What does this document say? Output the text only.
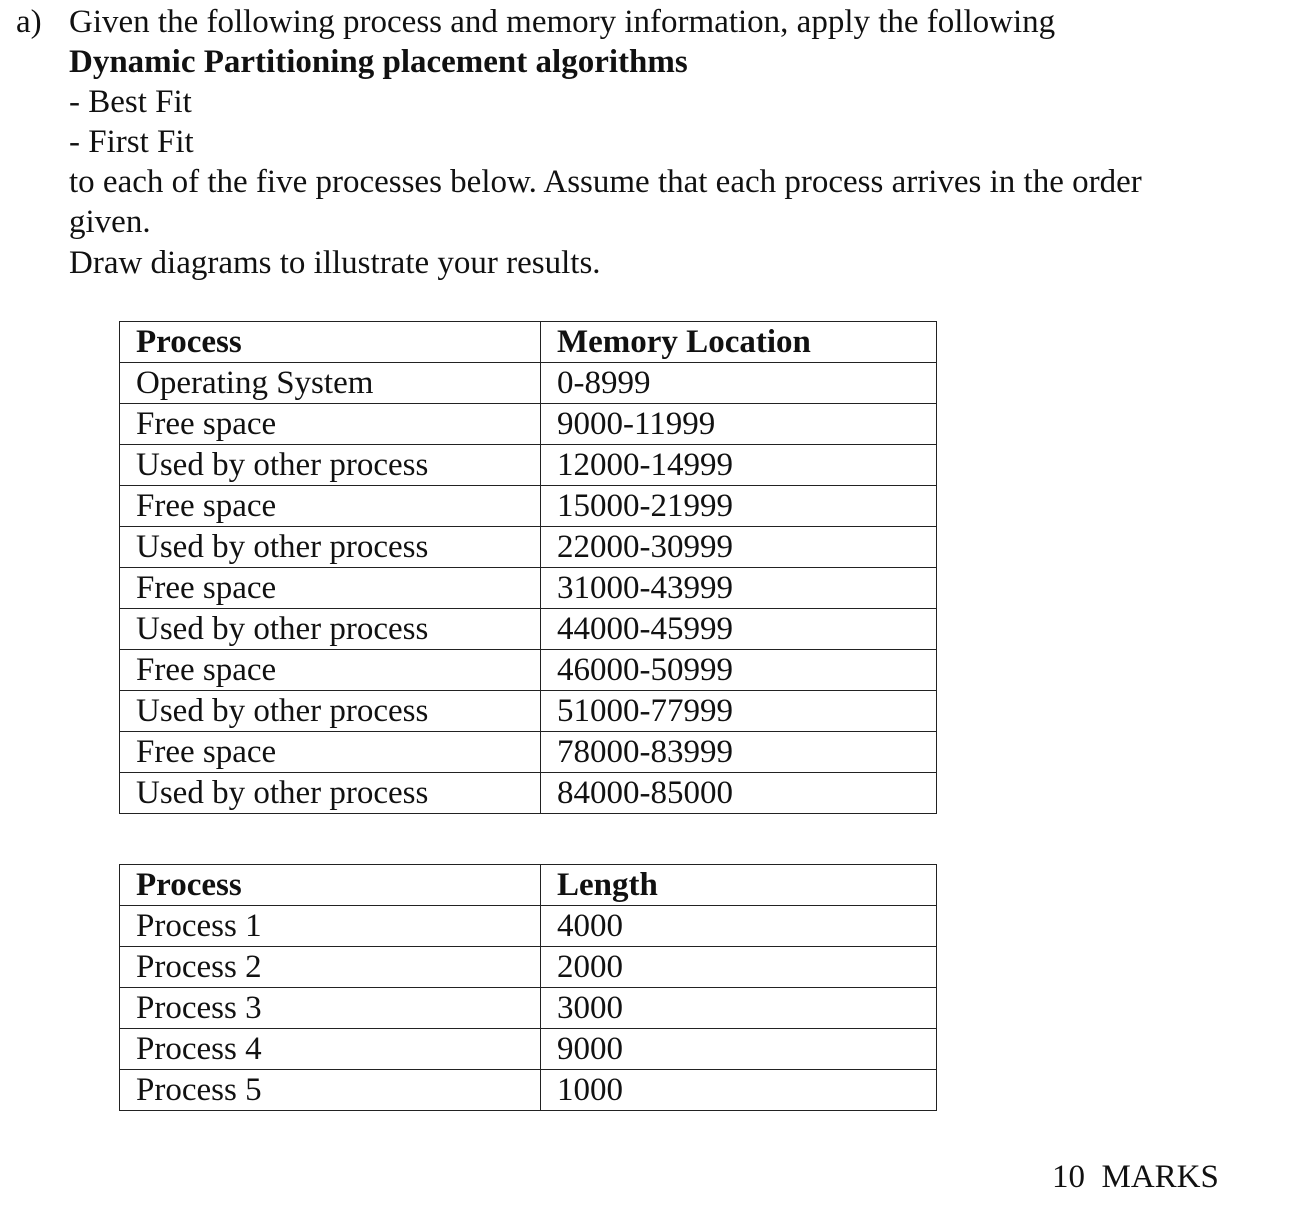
a) Given the following process and memory information, apply the following
Dynamic Partitioning placement algorithms
- Best Fit
- First Fit
to each of the five processes below. Assume that each process arrives in the order
given.
Draw diagrams to illustrate your results.
Process	Memory Location
Operating System	0-8999
Free space	9000-11999
Used by other process	12000-14999
Free space	15000-21999
Used by other process	22000-30999
Free space	31000-43999
Used by other process	44000-45999
Free space	46000-50999
Used by other process	51000-77999
Free space	78000-83999
Used by other process	84000-85000
Process	Length
Process 1	4000
Process 2	2000
Process 3	3000
Process 4	9000
Process 5	1000
10  MARKS
